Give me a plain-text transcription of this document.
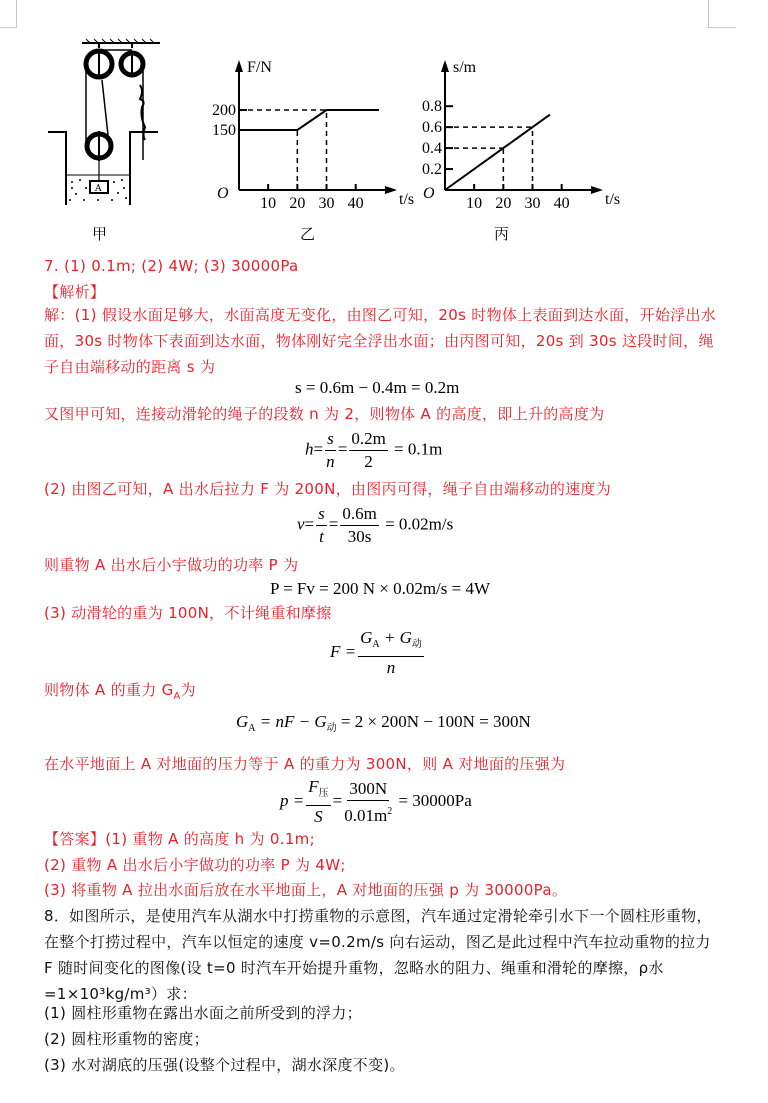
A
甲
10 20 30 40
150
200
O	t/s
F/N
乙
10 20 30 40
0.2
0.4
0.6
0.8
O	t/s
s/m
丙
7. (1) 0.1m; (2) 4W; (3) 30000Pa
【解析】
解：(1) 假设水面足够大，水面高度无变化，由图乙可知，20s 时物体上表面到达水面，开始浮出水面，30s 时物体下表面到达水面，物体刚好完全浮出水面；由丙图可知，20s 到 30s 这段时间，绳子自由端移动的距离 s 为
s = 0.6m − 0.4m = 0.2m
又图甲可知，连接动滑轮的绳子的段数 n 为 2，则物体 A 的高度，即上升的高度为
$h= \frac{s}{n} = \frac{0.2m}{2} = 0.1m$
(2) 由图乙可知，A 出水后拉力 F 为 200N，由图丙可得，绳子自由端移动的速度为
$v= \frac{s}{t} = \frac{0.6m}{30s} = 0.02m/s$
则重物 A 出水后小宇做功的功率 P 为
P = Fv = 200 N × 0.02m/s = 4W
(3) 动滑轮的重为 100N，不计绳重和摩擦
$F = \frac{G_A + G_动}{n}$
则物体 A 的重力 $G_A$为
$G_A$ = nF − $G_动 = 2 \times 200N - 100N = 300N$
在水平地面上 A 对地面的压力等于 A 的重力为 300N，则 A 对地面的压强为
$p = \frac{F_压}{S} = \frac{300N}{0.01m^2} = 30000Pa$
【答案】(1) 重物 A 的高度 h 为 0.1m;
(2) 重物 A 出水后小宇做功的功率 P 为 4W;
(3) 将重物 A 拉出水面后放在水平地面上，A 对地面的压强 p 为 30000Pa。
8．如图所示，是使用汽车从湖水中打捞重物的示意图，汽车通过定滑轮牵引水下一个圆柱形重物，在整个打捞过程中，汽车以恒定的速度 v=0.2m/s 向右运动，图乙是此过程中汽车拉动重物的拉力 F 随时间变化的图像(设 t=0 时汽车开始提升重物，忽略水的阻力、绳重和滑轮的摩擦，ρ水=1×10³kg/m³）求：
(1) 圆柱形重物在露出水面之前所受到的浮力；
(2) 圆柱形重物的密度；
(3) 水对湖底的压强(设整个过程中，湖水深度不变)。
